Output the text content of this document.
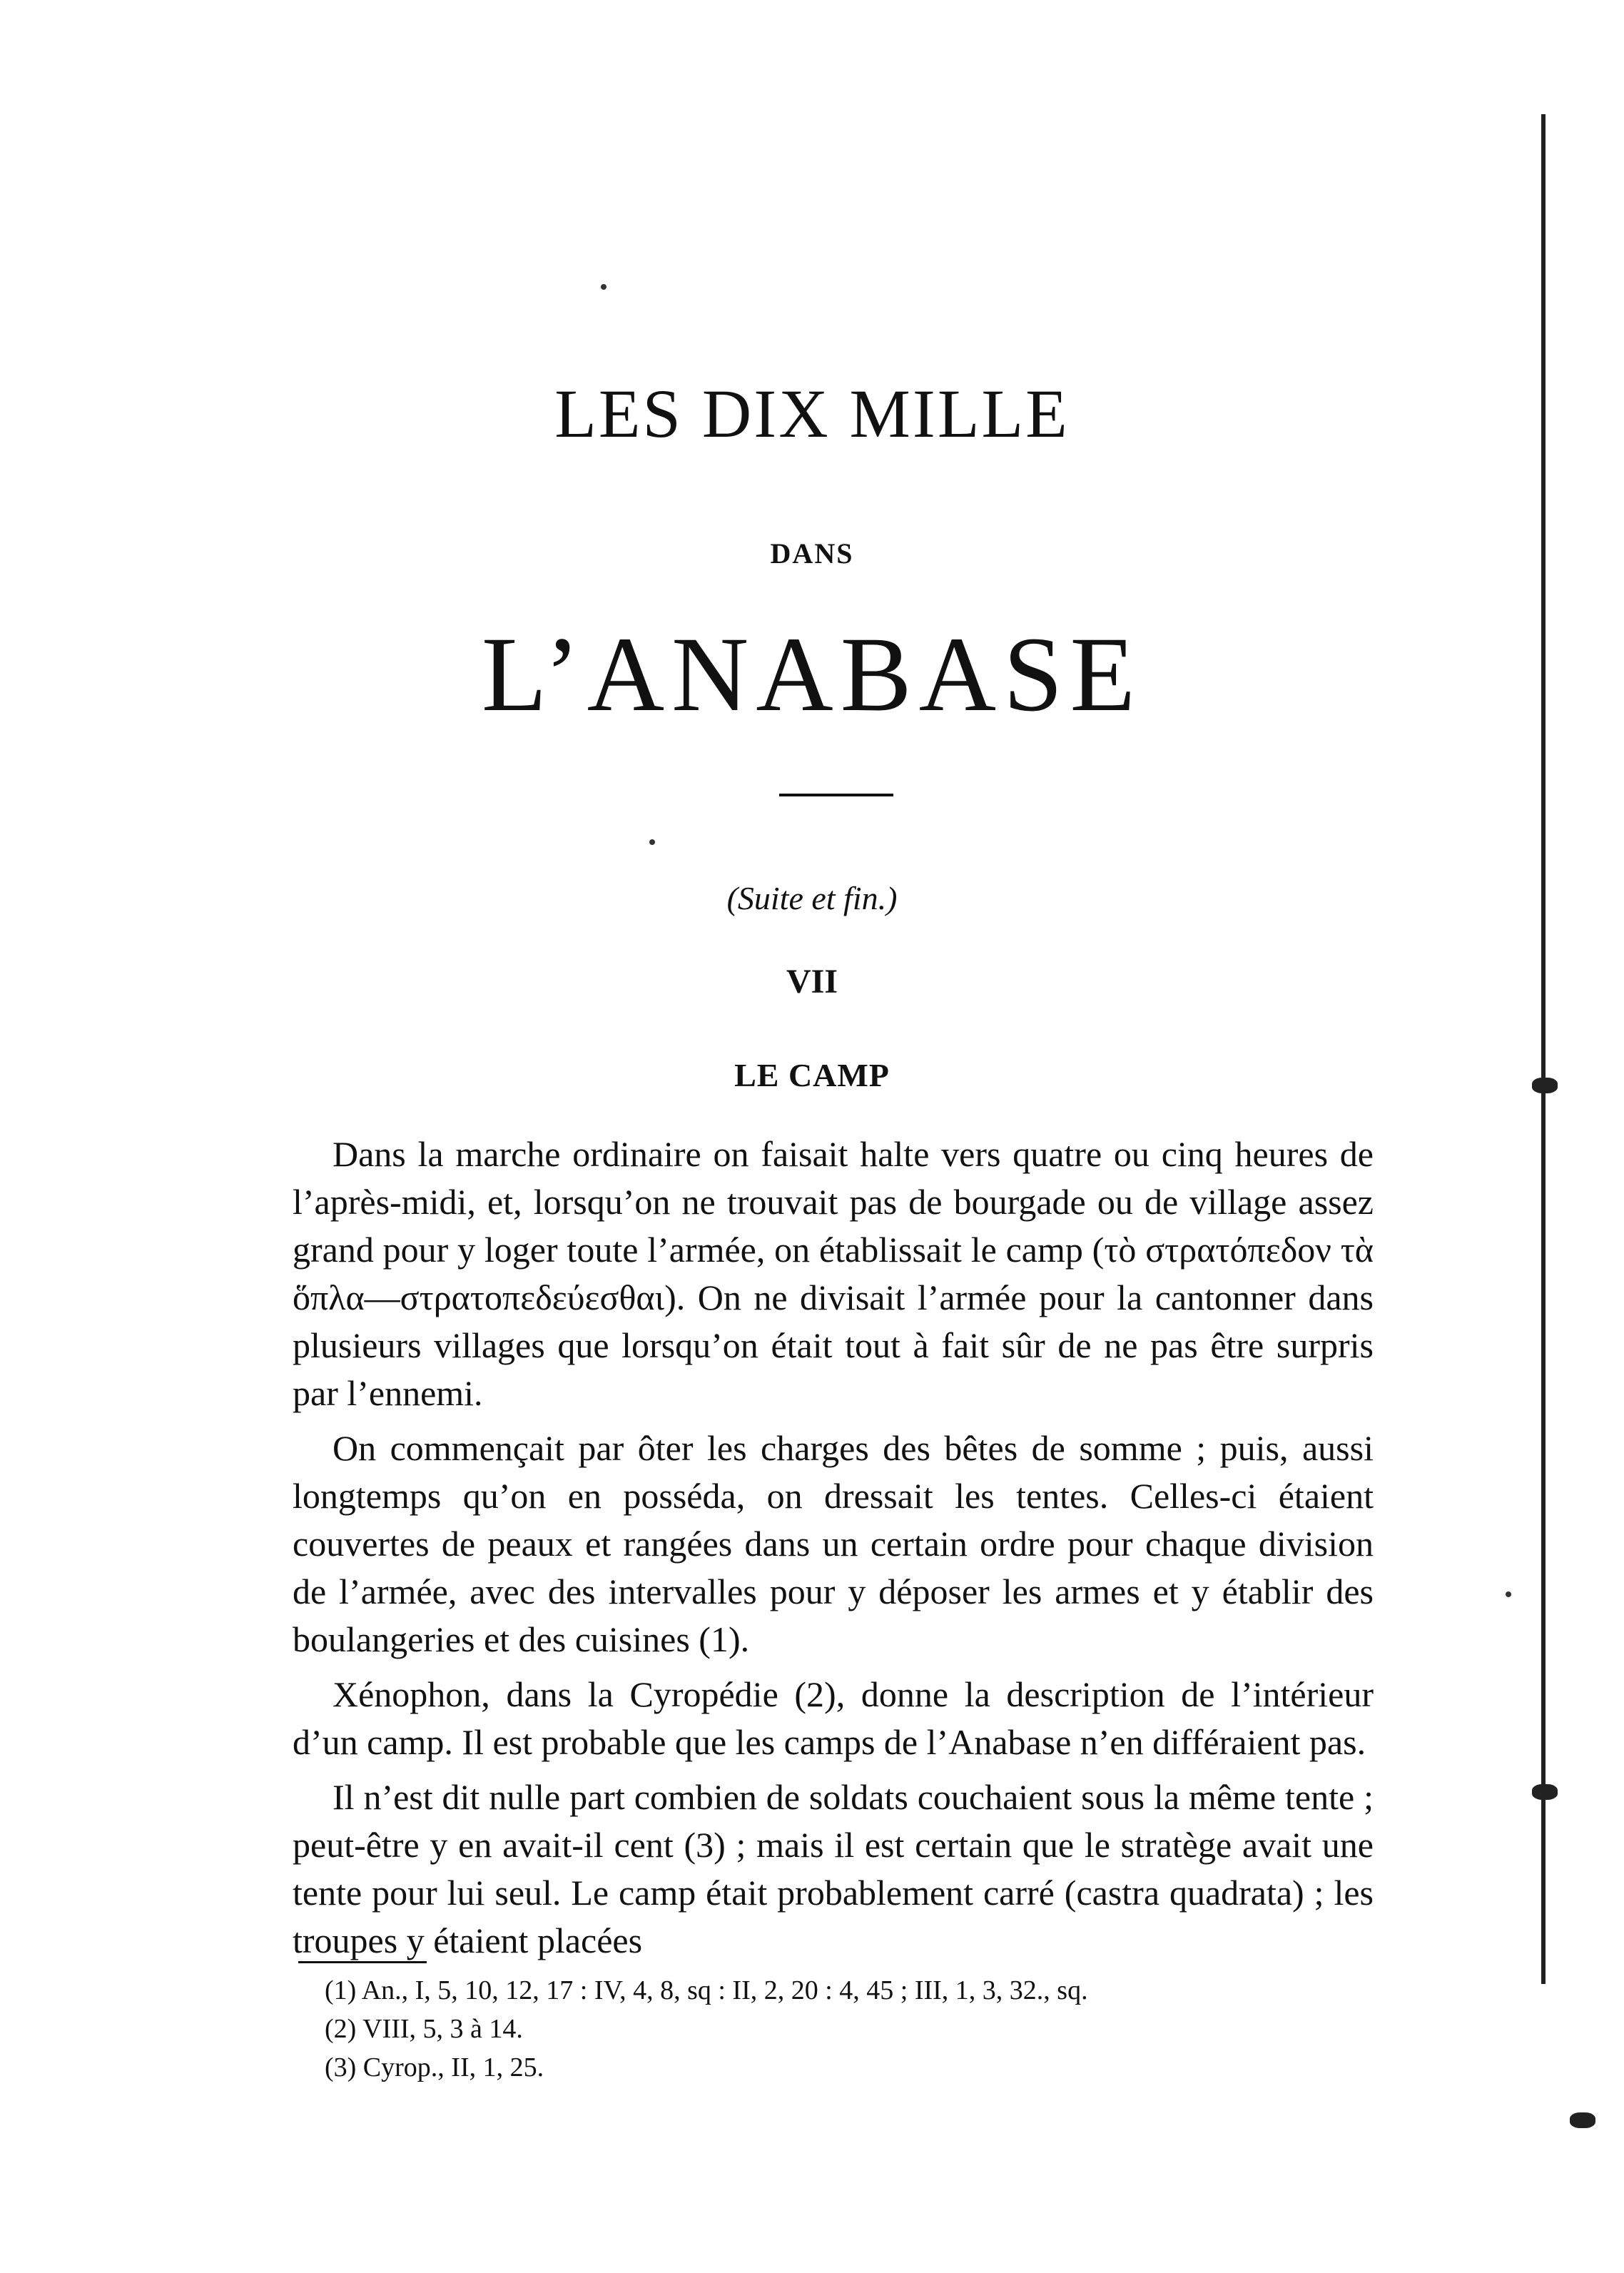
LES DIX MILLE
DANS
L’ANABASE
(Suite et fin.)
VII
LE CAMP

Dans la marche ordinaire on faisait halte vers quatre ou cinq heures de l’après-midi, et, lorsqu’on ne trouvait pas de bourgade ou de village assez grand pour y loger toute l’armée, on établissait le camp (τὸ στρατόπεδον τὰ ὅπλα—στρατοπεδεύεσθαι). On ne divisait l’armée pour la cantonner dans plusieurs villages que lorsqu’on était tout à fait sûr de ne pas être surpris par l’ennemi.

On commençait par ôter les charges des bêtes de somme ; puis, aussi longtemps qu’on en posséda, on dressait les tentes. Celles-ci étaient couvertes de peaux et rangées dans un certain ordre pour chaque division de l’armée, avec des intervalles pour y déposer les armes et y établir des boulangeries et des cuisines (1).

Xénophon, dans la Cyropédie (2), donne la description de l’intérieur d’un camp. Il est probable que les camps de l’Anabase n’en différaient pas.

Il n’est dit nulle part combien de soldats couchaient sous la même tente ; peut-être y en avait-il cent (3) ; mais il est certain que le stratège avait une tente pour lui seul. Le camp était probablement carré (castra quadrata) ; les troupes y étaient placées

(1) An., I, 5, 10, 12, 17 : IV, 4, 8, sq : II, 2, 20 : 4, 45 ; III, 1, 3, 32., sq.
(2) VIII, 5, 3 à 14.
(3) Cyrop., II, 1, 25.
